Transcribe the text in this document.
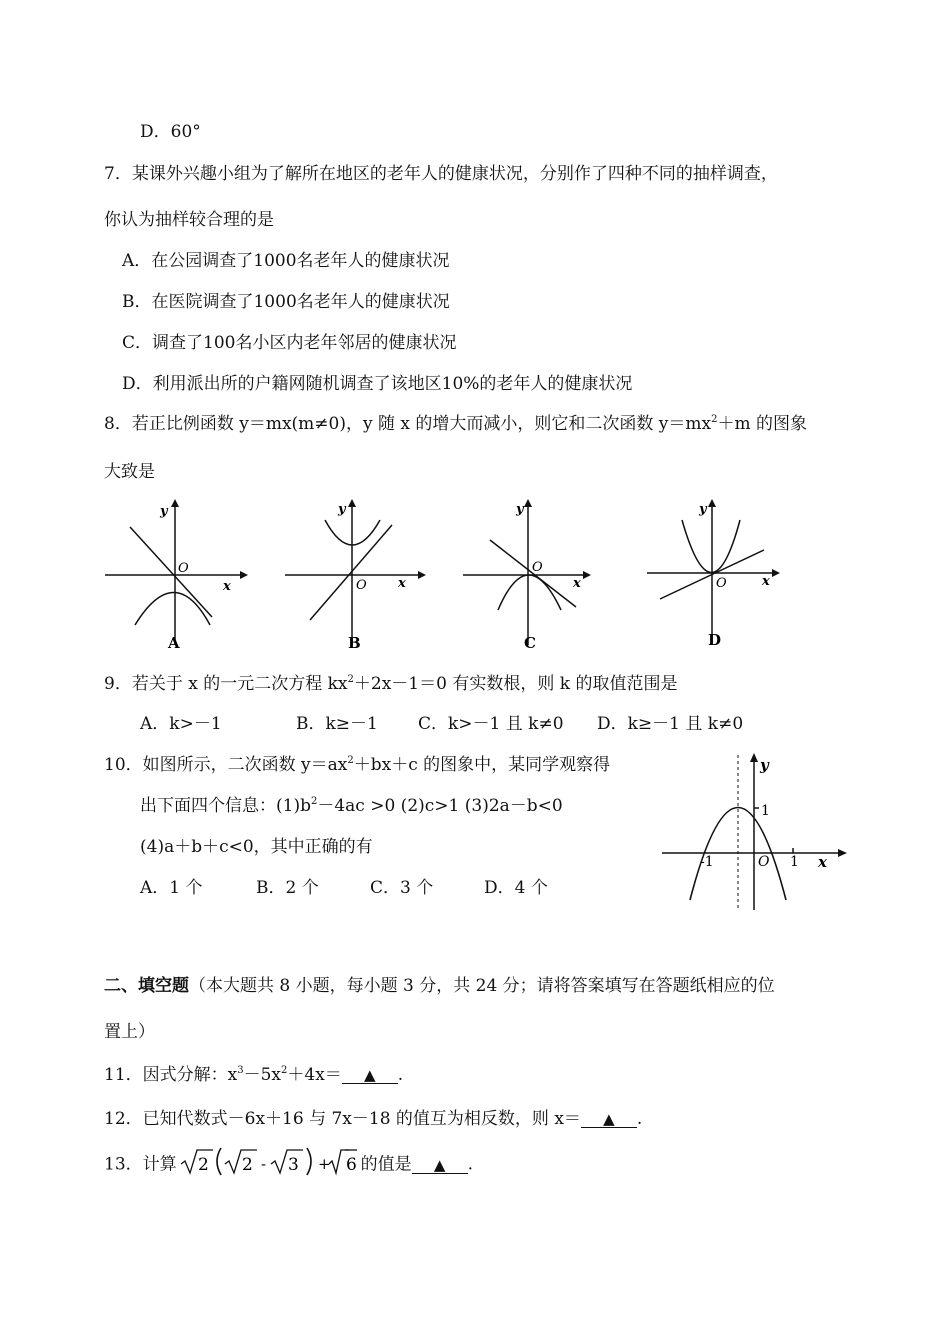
D．60°
7．某课外兴趣小组为了解所在地区的老年人的健康状况，分别作了四种不同的抽样调查，
你认为抽样较合理的是
A．在公园调查了1000名老年人的健康状况
B．在医院调查了1000名老年人的健康状况
C．调查了100名小区内老年邻居的健康状况
D．利用派出所的户籍网随机调查了该地区10%的老年人的健康状况
8．若正比例函数 y＝mx(m≠0)，y 随 x 的增大而减小，则它和二次函数 $y=mx^2+m$ 的图象
大致是
y
x
O
A
y
x
O
B
y
x
O
C
y
x
O
D
9．若关于 x 的一元二次方程 $kx^2+2x-1=0$ 有实数根，则 k 的取值范围是
A．k>－1	B．k≥－1 C．k>－1 且 k≠0 D．k≥－1 且 k≠0
10．如图所示，二次函数 $y=ax^2+bx+c$ 的图象中，某同学观察得
出下面四个信息：$(1)b^2-4ac >0$ (2)c>1 (3)2a－b<0
(4)a＋b＋c<0，其中正确的有
A．1 个	B．2 个	C．3 个	D．4 个
y
1
-1	O 1 x
二、填空题（本大题共 8 小题，每小题 3 分，共 24 分；请将答案填写在答题纸相应的位
置上）
11．因式分解：$x^3-5x^2+4x=$ ▲ .
12．已知代数式－6x＋16 与 7x－18 的值互为相反数，则 x＝ ▲ .
13．计算 2 2 - 3 + 6 的值是 ▲ .
